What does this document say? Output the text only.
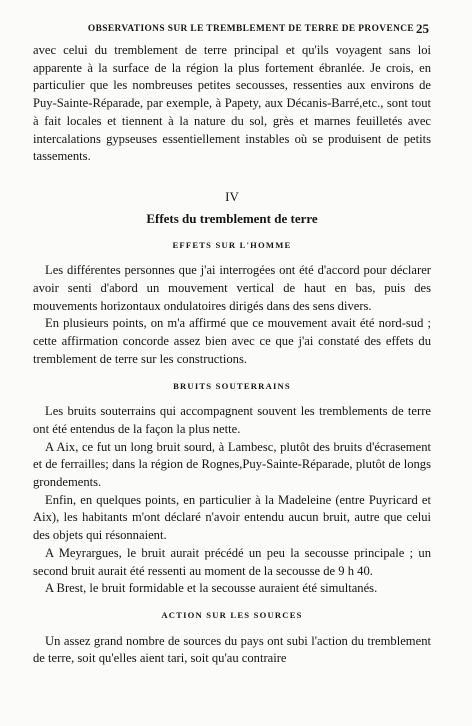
OBSERVATIONS SUR LE TREMBLEMENT DE TERRE DE PROVENCE 25

avec celui du tremblement de terre principal et qu'ils voyagent sans loi apparente à la surface de la région la plus fortement ébranlée. Je crois, en particulier que les nombreuses petites secousses, ressenties aux environs de Puy-Sainte-Réparade, par exemple, à Papety, aux Décanis-Barré,etc., sont tout à fait locales et tiennent à la nature du sol, grès et marnes feuilletés avec intercalations gypseuses essentiellement instables où se produisent de petits tassements.

IV
Effets du tremblement de terre
EFFETS SUR L'HOMME

Les différentes personnes que j'ai interrogées ont été d'accord pour déclarer avoir senti d'abord un mouvement vertical de haut en bas, puis des mouvements horizontaux ondulatoires dirigés dans des sens divers.

En plusieurs points, on m'a affirmé que ce mouvement avait été nord-sud ; cette affirmation concorde assez bien avec ce que j'ai constaté des effets du tremblement de terre sur les constructions.

BRUITS SOUTERRAINS

Les bruits souterrains qui accompagnent souvent les tremblements de terre ont été entendus de la façon la plus nette.

A Aix, ce fut un long bruit sourd, à Lambesc, plutôt des bruits d'écrasement et de ferrailles; dans la région de Rognes,Puy-Sainte-Réparade, plutôt de longs grondements.

Enfin, en quelques points, en particulier à la Madeleine (entre Puyricard et Aix), les habitants m'ont déclaré n'avoir entendu aucun bruit, autre que celui des objets qui résonnaient.

A Meyrargues, le bruit aurait précédé un peu la secousse principale ; un second bruit aurait été ressenti au moment de la secousse de 9 h 40.

A Brest, le bruit formidable et la secousse auraient été simultanés.

ACTION SUR LES SOURCES

Un assez grand nombre de sources du pays ont subi l'action du tremblement de terre, soit qu'elles aient tari, soit qu'au contraire
